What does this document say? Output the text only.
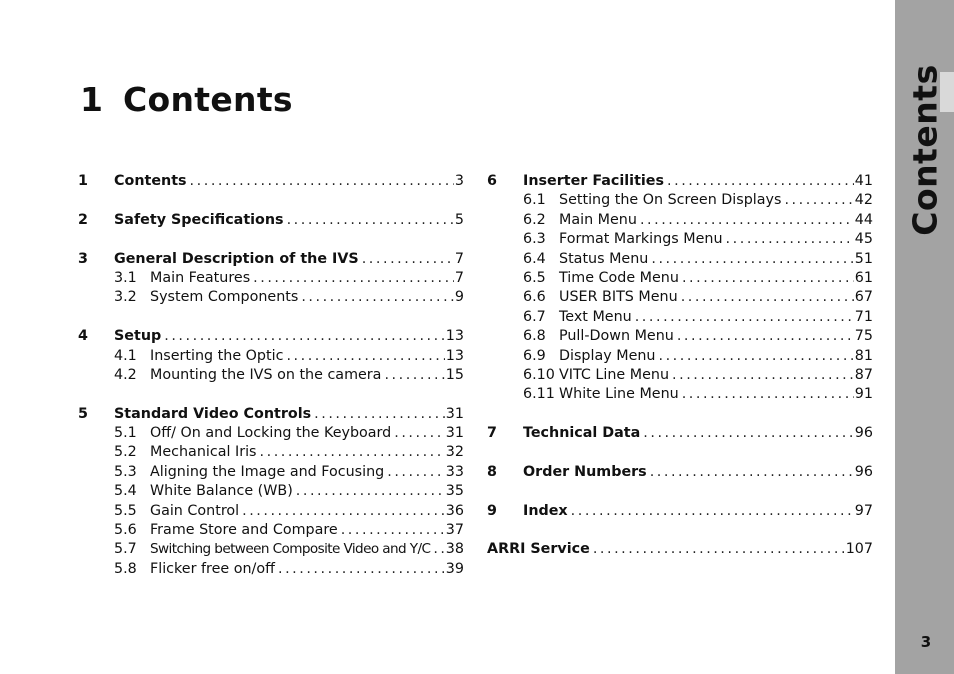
Contents
3
1 Contents
1	Contents . . .	3
2	Safety Specifications . . .	5
3	General Description of the IVS . . .	7
3.1 Main Features . . .	7
3.2 System Components . . .	9
4	Setup . . .	13
4.1 Inserting the Optic . . .	13
4.2 Mounting the IVS on the camera . . .	15
5	Standard Video Controls . . .	31
5.1 Off/ On and Locking the Keyboard . . .	31
5.2 Mechanical Iris . . .	32
5.3 Aligning the Image and Focusing . . .	33
5.4 White Balance (WB) . . .	35
5.5 Gain Control . . .	36
5.6 Frame Store and Compare . . .	37
5.7 Switching between Composite Video and Y/C . . . 38
5.8 Flicker free on/off . . .	39
6	Inserter Facilities . . .	41
6.1 Setting the On Screen Displays . . .	42
6.2 Main Menu . . .	44
6.3 Format Markings Menu . . .	45
6.4 Status Menu . . .	51
6.5 Time Code Menu . . .	61
6.6 USER BITS Menu . . .	67
6.7 Text Menu . . .	71
6.8 Pull-Down Menu . . .	75
6.9 Display Menu . . .	81
6.10 VITC Line Menu . . .	87
6.11 White Line Menu . . .	91
7	Technical Data . . .	96
8	Order Numbers . . .	96
9	Index . . .	97
ARRI Service . . .	107
